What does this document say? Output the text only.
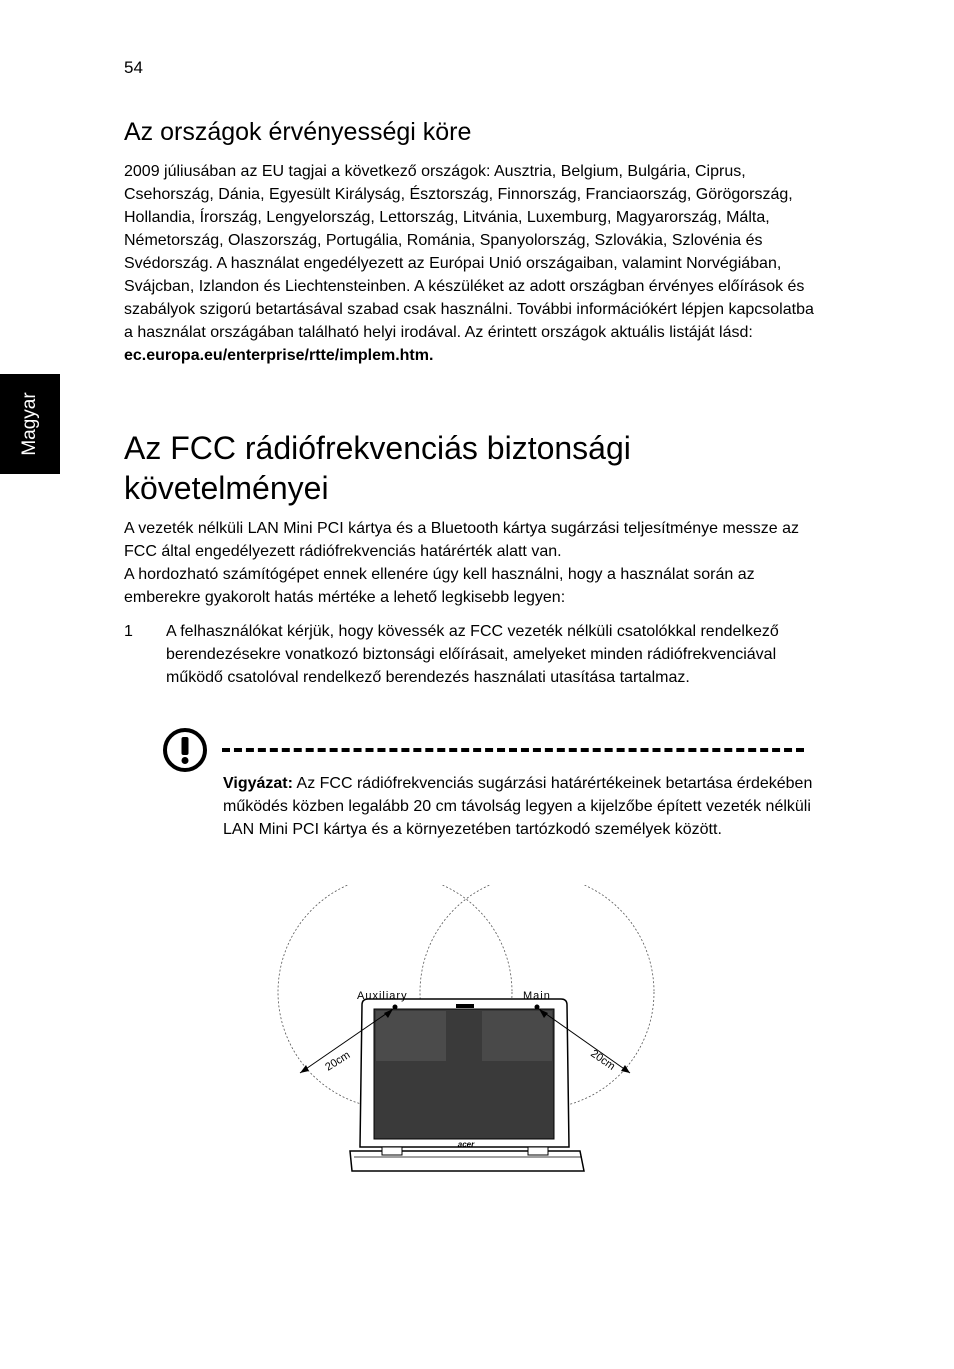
54
Magyar
Az országok érvényességi köre

2009 júliusában az EU tagjai a következő országok: Ausztria, Belgium, Bulgária, Ciprus, Csehország, Dánia, Egyesült Királyság, Észtország, Finnország, Franciaország, Görögország, Hollandia, Írország, Lengyelország, Lettország, Litvánia, Luxemburg, Magyarország, Málta, Németország, Olaszország, Portugália, Románia, Spanyolország, Szlovákia, Szlovénia és Svédország. A használat engedélyezett az Európai Unió országaiban, valamint Norvégiában, Svájcban, Izlandon és Liechtensteinben. A készüléket az adott országban érvényes előírások és szabályok szigorú betartásával szabad csak használni. További információkért lépjen kapcsolatba a használat országában található helyi irodával. Az érintett országok aktuális listáját lásd: ec.europa.eu/enterprise/rtte/implem.htm.

Az FCC rádiófrekvenciás biztonsági követelményei
A vezeték nélküli LAN Mini PCI kártya és a Bluetooth kártya sugárzási teljesítménye messze az FCC által engedélyezett rádiófrekvenciás határérték alatt van.
A hordozható számítógépet ennek ellenére úgy kell használni, hogy a használat során az emberekre gyakorolt hatás mértéke a lehető legkisebb legyen:
1 A felhasználókat kérjük, hogy kövessék az FCC vezeték nélküli csatolókkal rendelkező berendezésekre vonatkozó biztonsági előírásait, amelyeket minden rádiófrekvenciával működő csatolóval rendelkező berendezés használati utasítása tartalmaz.
Vigyázat: Az FCC rádiófrekvenciás sugárzási határértékeinek betartása érdekében működés közben legalább 20 cm távolság legyen a kijelzőbe épített vezeték nélküli LAN Mini PCI kártya és a környezetében tartózkodó személyek között.
acer
Auxiliary	Main
20cm	20cm
